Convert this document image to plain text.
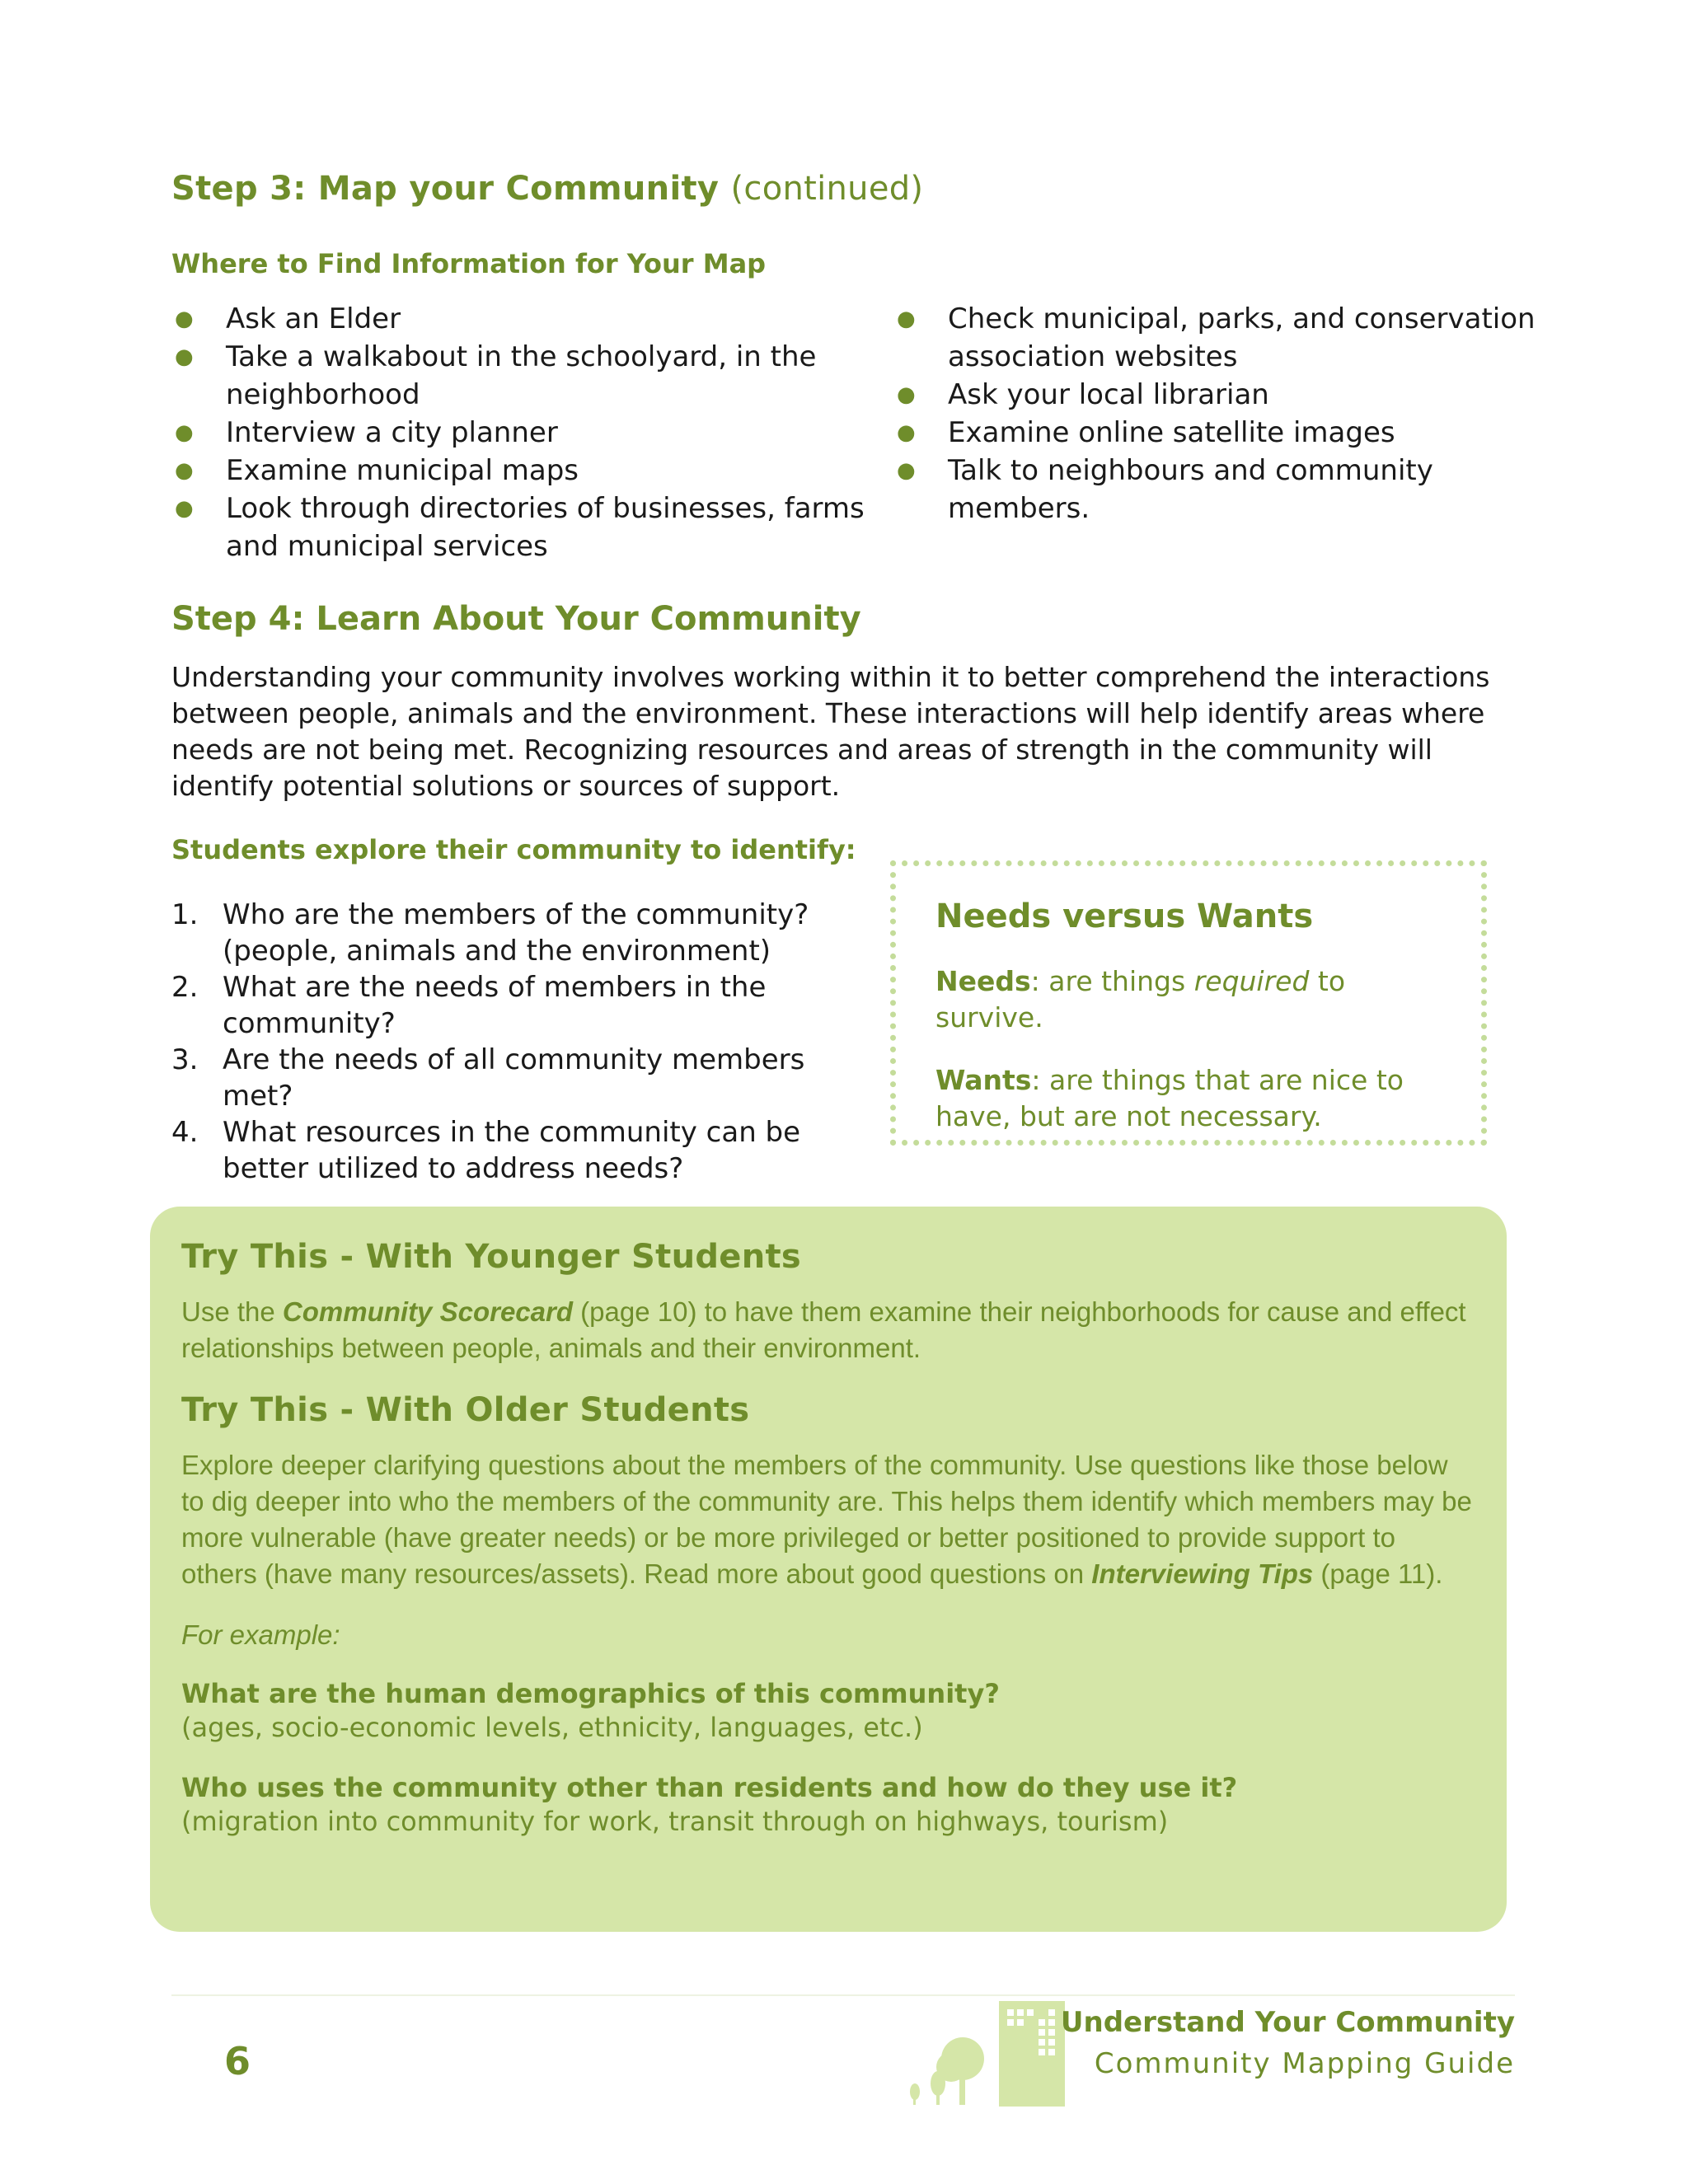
Step 3: Map your Community (continued)
Where to Find Information for Your Map
● Ask an Elder
● Take a walkabout in the schoolyard, in the neighborhood
● Interview a city planner
● Examine municipal maps
● Look through directories of businesses, farms and municipal services
● Check municipal, parks, and conservation association websites
● Ask your local librarian
● Examine online satellite images
● Talk to neighbours and community members.
Step 4: Learn About Your Community
Understanding your community involves working within it to better comprehend the interactions between people, animals and the environment. These interactions will help identify areas where needs are not being met. Recognizing resources and areas of strength in the community will identify potential solutions or sources of support.
Students explore their community to identify:
1. Who are the members of the community? (people, animals and the environment)
2. What are the needs of members in the community?
3. Are the needs of all community members met?
4. What resources in the community can be better utilized to address needs?
Needs versus Wants

Needs: are things required to survive.

Wants: are things that are nice to have, but are not necessary.

Try This - With Younger Students

Use the Community Scorecard (page 10) to have them examine their neighborhoods for cause and effect relationships between people, animals and their environment.

Try This - With Older Students

Explore deeper clarifying questions about the members of the community. Use questions like those below to dig deeper into who the members of the community are. This helps them identify which members may be more vulnerable (have greater needs) or be more privileged or better positioned to provide support to others (have many resources/assets). Read more about good questions on Interviewing Tips (page 11).

For example:

What are the human demographics of this community?

(ages, socio-economic levels, ethnicity, languages, etc.)

Who uses the community other than residents and how do they use it?

(migration into community for work, transit through on highways, tourism)

6
Understand Your Community
Community Mapping Guide
